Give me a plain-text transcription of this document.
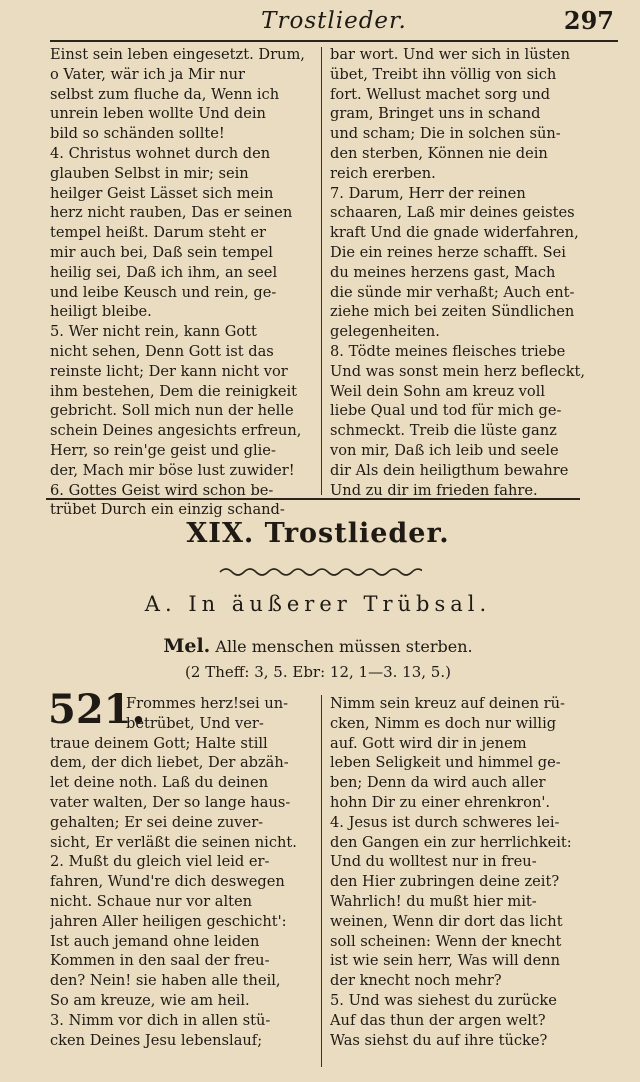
Trostlieder.	297
Einst sein leben eingesetzt. Drum,
o Vater, wär ich ja Mir nur
selbst zum fluche da, Wenn ich
unrein leben wollte Und dein
bild so schänden sollte!
4. Christus wohnet durch den
glauben Selbst in mir; sein
heilger Geist Lässet sich mein
herz nicht rauben, Das er seinen
tempel heißt. Darum steht er
mir auch bei, Daß sein tempel
heilig sei, Daß ich ihm, an seel
und leibe Keusch und rein, ge-
heiligt bleibe.
5. Wer nicht rein, kann Gott
nicht sehen, Denn Gott ist das
reinste licht; Der kann nicht vor
ihm bestehen, Dem die reinigkeit
gebricht. Soll mich nun der helle
schein Deines angesichts erfreun,
Herr, so rein'ge geist und glie-
der, Mach mir böse lust zuwider!
6. Gottes Geist wird schon be-
trübet Durch ein einzig schand-
bar wort. Und wer sich in lüsten
übet, Treibt ihn völlig von sich
fort. Wellust machet sorg und
gram, Bringet uns in schand
und scham; Die in solchen sün-
den sterben, Können nie dein
reich ererben.
7. Darum, Herr der reinen
schaaren, Laß mir deines geistes
kraft Und die gnade widerfahren,
Die ein reines herze schafft. Sei
du meines herzens gast, Mach
die sünde mir verhaßt; Auch ent-
ziehe mich bei zeiten Sündlichen
gelegenheiten.
8. Tödte meines fleisches triebe
Und was sonst mein herz befleckt,
Weil dein Sohn am kreuz voll
liebe Qual und tod für mich ge-
schmeckt. Treib die lüste ganz
von mir, Daß ich leib und seele
dir Als dein heiligthum bewahre
Und zu dir im frieden fahre.
XIX. Trostlieder.
A. In äußerer Trübsal.
Mel. Alle menschen müssen sterben.
(2 Theff: 3, 5. Ebr: 12, 1—3. 13, 5.)
521.
Frommes herz!sei un-
betrübet, Und ver-
traue deinem Gott; Halte still
dem, der dich liebet, Der abzäh-
let deine noth. Laß du deinen
vater walten, Der so lange haus-
gehalten; Er sei deine zuver-
sicht, Er verläßt die seinen nicht.
2. Mußt du gleich viel leid er-
fahren, Wund're dich deswegen
nicht. Schaue nur vor alten
jahren Aller heiligen geschicht':
Ist auch jemand ohne leiden
Kommen in den saal der freu-
den? Nein! sie haben alle theil,
So am kreuze, wie am heil.
3. Nimm vor dich in allen stü-
cken Deines Jesu lebenslauf;
Nimm sein kreuz auf deinen rü-
cken, Nimm es doch nur willig
auf. Gott wird dir in jenem
leben Seligkeit und himmel ge-
ben; Denn da wird auch aller
hohn Dir zu einer ehrenkron'.
4. Jesus ist durch schweres lei-
den Gangen ein zur herrlichkeit:
Und du wolltest nur in freu-
den Hier zubringen deine zeit?
Wahrlich! du mußt hier mit-
weinen, Wenn dir dort das licht
soll scheinen: Wenn der knecht
ist wie sein herr, Was will denn
der knecht noch mehr?
5. Und was siehest du zurücke
Auf das thun der argen welt?
Was siehst du auf ihre tücke?
